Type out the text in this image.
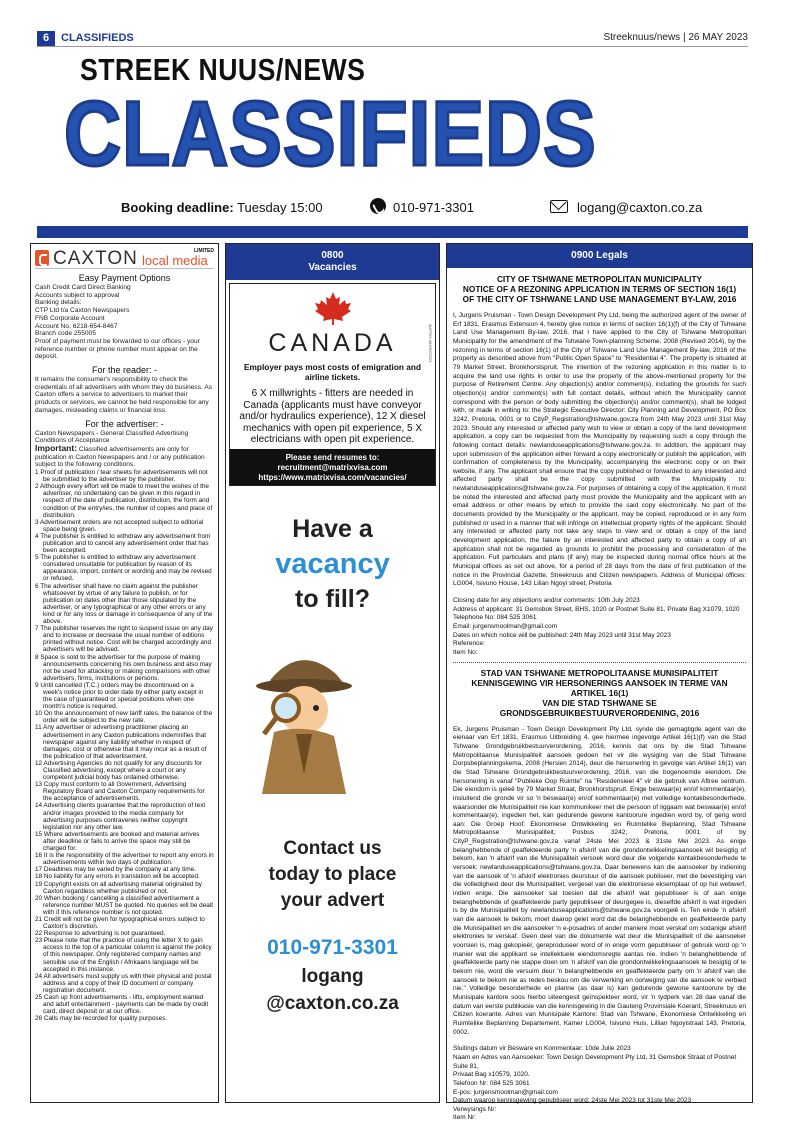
6	CLASSIFIEDS	Streeknuus/news | 26 MAY 2023
STREEK NUUS/NEWS
CLASSIFIEDS
Booking deadline: Tuesday 15:00	010-971-3301	logang@caxton.co.za
CAXTON local media
LIMITED
Easy Payment Options
Cash Credit Card Direct Banking
Accounts subject to approval
Banking details:
CTP Ltd t/a Caxton Newspapers
FNB Corporate Account
Account No. 6218-654-8467
Branch code 255005
Proof of payment must be forwarded to our offices - your reference number or phone number must appear on the deposit.
For the reader: -
It remains the consumer's responsibility to check the credentials of all advertisers with whom they do business. As Caxton offers a service to advertisers to market their products or services, we cannot be held responsible for any damages, misleading claims or financial loss.
For the advertiser: -
Caxton Newspapers - General Classified Advertising Conditions of Acceptance
Important: Classified advertisements are only for publication in Caxton Newspapers and / or any publication subject to the following conditions.
1 Proof of publication / tear sheets for advertisements will not be submitted to the advertiser by the publisher.
2 Although every effort will be made to meet the wishes of the advertiser, no undertaking can be given in this regard in respect of the date of publication, distribution, the form and condition of the entry/ies, the number of copies and place of distribution.
3 Advertisement orders are not accepted subject to editorial space being given.
4 The publisher is entitled to withdraw any advertisement from publication and to cancel any advertisement order that has been accepted.
5 The publisher is entitled to withdraw any advertisement considered unsuitable for publication by reason of its appearance, import, content or wording and may be revised or refused.
6 The advertiser shall have no claim against the publisher whatsoever by virtue of any failure to publish, or for publication on dates other than those stipulated by the advertiser, or any typographical or any other errors or any kind or for any loss or damage in consequence of any of the above.
7 The publisher reserves the right to suspend issue on any day and to increase or decrease the usual number of editions printed without notice. Cost will be charged accordingly and advertisers will be advised.
8 Space is sold to the advertiser for the purpose of making announcements concerning his own business and also may not be used for attacking or making comparisons with other advertisers, firms, institutions or persons.
9 Until cancelled (T.C.) orders may be discontinued on a week's notice prior to order date by either party except in the case of guaranteed or special positions when one month's notice is required.
10 On the announcement of new tariff rates, the balance of the order will be subject to the new rate.
11 Any advertiser or advertising practitioner placing an advertisement in any Caxton publications indemnifies that newspaper against any liability whether in respect of damages, cost or otherwise that it may incur as a result of the publication of that advertisement.
12 Advertising Agencies do not qualify for any discounts for Classified advertising, except where a court or any competent judicial body has ordained otherwise.
13 Copy must conform to all Government, Advertising Regulatory Board and Caxton Company requirements for the acceptance of advertisements.
14 Advertising clients guarantee that the reproduction of text and/or images provided to the media company for advertising purposes contravenes neither copyright legislation nor any other law.
15 Where advertisements are booked and material arrives after deadline or fails to arrive the space may still be charged for.
16 It is the responsibility of the advertiser to report any errors in advertisements within two days of publication.
17 Deadlines may be varied by the company at any time.
18 No liability for any errors in translation will be accepted.
19 Copyright exists on all advertising material originated by Caxton regardless whether published or not.
20 When booking / cancelling a classified advertisement a reference number MUST be quoted. No queries will be dealt with if this reference number is not quoted.
21 Credit will not be given for typographical errors subject to Caxton's discretion.
22 Response to advertising is not guaranteed.
23 Please note that the practice of using the letter X to gain access to the top of a particular column is against the policy of this newspaper. Only registered company names and sensible use of the English / Afrikaans language will be accepted in this instance.
24 All advertisers must supply us with their physical and postal address and a copy of their ID document or company registration document.
25 Cash up front advertisements - lifts, employment wanted and adult entertainment - payments can be made by credit card, direct deposit or at our office.
26 Calls may be recorded for quality purposes.
0800
Vacancies
CANADA
Employer pays most costs of emigration and airline tickets.
6 X millwrights - fitters are needed in Canada (applicants must have conveyor and/or hydraulics experience), 12 X diesel mechanics with open pit experience, 5 X electricians with open pit experience.
MATRIX MIGRATION
Please send resumes to:
recruitment@matrixvisa.com
https://www.matrixvisa.com/vacancies/
Have a
vacancy
to fill?
Contact us
today to place
your advert
010-971-3301
logang
@caxton.co.za
0900 Legals
CITY OF TSHWANE METROPOLITAN MUNICIPALITY
NOTICE OF A REZONING APPLICATION IN TERMS OF SECTION 16(1)
OF THE CITY OF TSHWANE LAND USE MANAGEMENT BY-LAW, 2016
I, Jurgens Pruisman - Town Design Development Pty Ltd, being the authorized agent of the owner of Erf 1831, Erasmus Extension 4, hereby give notice in terms of section 16(1)(f) of the City of Tshwane Land Use Management By-law, 2016, that I have applied to the City of Tshwane Metropolitan Municipality for the amendment of the Tshwane Town-planning Scheme, 2008 (Revised 2014), by the rezoning in terms of section 16(1) of the City of Tshwane Land Use Management By-law, 2016 of the property as described above from "Public Open Space" to "Residential 4". The property is situated at 79 Market Street, Bronkhorstspruit. The intention of the rezoning application in this matter is to acquire the land use rights in order to use the property of the above-mentioned property for the purpose of Retirement Centre. Any objection(s) and/or comment(s), including the grounds for such objection(s) and/or comment(s) with full contact details, without which the Municipality cannot correspond with the person or body submitting the objection(s) and/or comment(s), shall be lodged with, or made in writing to: the Strategic Executive Director: City Planning and Development, PO Box 3242, Pretoria, 0001 or to CityP_Registration@tshwane.gov.za from 24th May 2023 until 31st May 2023. Should any interested or affected party wish to view or obtain a copy of the land development application, a copy can be requested from the Municipality by requesting such a copy through the following contact details: newlanduseapplications@tshwane.gov.za. In addition, the applicant may upon submission of the application either forward a copy electronically or publish the application, with confirmation of completeness by the Municipality, accompanying the electronic copy or on their website, if any. The applicant shall ensure that the copy published or forwarded to any interested and affected party shall be the copy submitted with the Municipality to: newlanduseapplications@tshwane.gov.za. For purposes of obtaining a copy of the application, it must be noted the interested and affected party must provide the Municipality and the applicant with an email address or other means by which to provide the said copy electronically. No part of the documents provided by the Municipality or the applicant, may be copied, reproduced or in any form published or used in a manner that will infringe on intellectual property rights of the applicant. Should any interested or affected party not take any steps to view and or obtain a copy of the land development application, the failure by an interested and affected party to obtain a copy of an application shall not be regarded as grounds to prohibit the processing and consideration of the application. Full particulars and plans (if any) may be inspected during normal office hours at the Municipal offices as set out above, for a period of 28 days from the date of first publication of the notice in the Provincial Gazette, Streeknuus and Citizen newspapers. Address of Municipal offices: LG004, Isivuno House, 143 Lilian Ngoyi street, Pretoria
Closing date for any objections and/or comments: 10th July 2023
Address of applicant: 31 Gemsbok Street, BHS, 1020 or Postnet Suite 81, Private Bag X1079, 1020
Telephone No: 084 525 3061
Email: jurgensmoolman@gmail.com
Dates on which notice will be published: 24th May 2023 until 31st May 2023
Reference:
Item No:
STAD VAN TSHWANE METROPOLITAANSE MUNISIPALITEIT
KENNISGEWING VIR HERSONERINGS AANSOEK IN TERME VAN ARTIKEL 16(1)
VAN DIE STAD TSHWANE SE GRONDSGEBRUIKBESTUURVERORDENING, 2016
Ek, Jurgens Pruisman - Town Design Development Pty Ltd, synde die gemagtigde agent van die eienaar van Erf 1831, Erasmus Uitbreiding 4, gee hiermee ingevolge Artikel 16(1)(f) van die Stad Tshwane Grondgebruikbestuurverordening, 2016, kennis dat ons by die Stad Tshwane Metropolitaanse Munisipaliteit aansoek gedoen het vir die wysiging van die Stad Tshwane Dorpsbeplanningskema, 2008 (Hersien 2014), deur die hersonering in gevolge van Artikel 16(1) van die Stad Tshwane Grondgebruikbestuurverordening, 2016, van die bogenoemde eiendom. Die hersonering is vanaf "Publieke Oop Ruimte" na "Residensieel 4" vir die gebruik van Aftree sentrum. Die eiendom is geleë by 79 Market Straat, Bronkhorstspruit. Enige beswaar(e) en/of kommentaar(e), insluitend die gronde vir so 'n beswaar(e) en/of kommentaar(e) met volledige kontakbesonderhede, waarsonder die Munisipaliteit nie kan kommunikeer met die persoon of liggaam wat beswaar(e) en/of kommentaar(e), ingedien het, kan gedurende gewone kantoorure ingedien word by, of gerig word aan: Die Groep Hoof: Ekonomiese Ontwikkeling en Ruimtelike Beplanning, Stad Tshwane Metropolitaanse Munisipaliteit, Posbus 3242, Pretoria, 0001 of by CityP_Registration@tshwane.gov.za vanaf 24ste Mei 2023 & 31ste Mei 2023. As enige belanghebbende of geaffekteerde party 'n afskrif van die grondontwikkelingsaansoek wil besigtig of bekom, kan 'n afskrif van die Munisipaliteit versoek word deur die volgende kontakbesonderhede te versoek: newlanduseapplications@tshwane.gov.za. Daar benewens kan die aansoeker by indiening van die aansoek of 'n afskrif elektronies deurstuur of die aansoek publiseer, met die bevestiging van die volledigheid deur die Munisipaliteit, vergesel van die elektroniese eksemplaar of op hul webwerf, indien enige. Die aansoeker sal toesien dat die afskrif wat gepubliseer is of aan enige belanghebbende of geaffekteerde party gepubliseer of deurgegee is, dieselfde afskrif is wat ingedien is by die Munisipaliteit by newlanduseapplications@tshwane.gov.za voorgelê is. Ten einde 'n afskrif van die aansoek te bekom, moet daarop gelet word dat die belanghebbende en geaffekteerde party die Munisipaliteit en die aansoeker 'n e-posadres of ander maniere moet verskaf om sodanige afskrif elektronies te verskaf. Geen deel van die dokumente wat deur die Munisipaliteit of die aansoeker voorsien is, mag gekopieër, gereproduseer word of in enige vorm gepubliseer of gebruik word op 'n manier wat die applikant se intellektuele eiendomsregte aantas nie. Indien 'n belanghebbende of geaffekteerde party nie stappe doen om 'n afskrif van die grondontwikkelingsaansoek te besigtig of te bekom nie, word die versuim deur 'n belanghebbende en geaffekteerde party om 'n afskrif van die aansoek te bekom nie as redes beskou om die verwerking en oorweging van die aansoek te verbied nie." Volledige besonderhede en planne (as daar is) kan gedurende gewone kantoorure by die Munisipale kantore soos hierbo uiteengesit geïnspekteer word, vir 'n tydperk van 28 dae vanaf die datum van eerste publikasie van die kennisgewing in die Gauteng Provinsiale Koerant, Streeknuus en Citizen koerante. Adres van Munisipale Kantore: Stad van Tshwane, Ekonomiese Ontwikkeling en Ruimtelike Beplanning Departement, Kamer LG004, Isivuno Huis, Lillian Ngoyistraat 143, Pretoria, 0002.
Sluitings datum vir Besware en Kommentaar: 10de Julie 2023
Naam en Adres van Aansoeker: Town Design Development Pty Ltd, 31 Gemsbok Straat of Postnet Suite 81,
Privaat Bag x10579, 1020.
Telefoon Nr: 084 525 3061
E-pos: jurgensmoolman@gmail.com
Datum waarop kennisgewing gepubliseer word: 24ste Mei 2023 tot 31ste Mei 2023
Verwysings Nr:
Item Nr:
